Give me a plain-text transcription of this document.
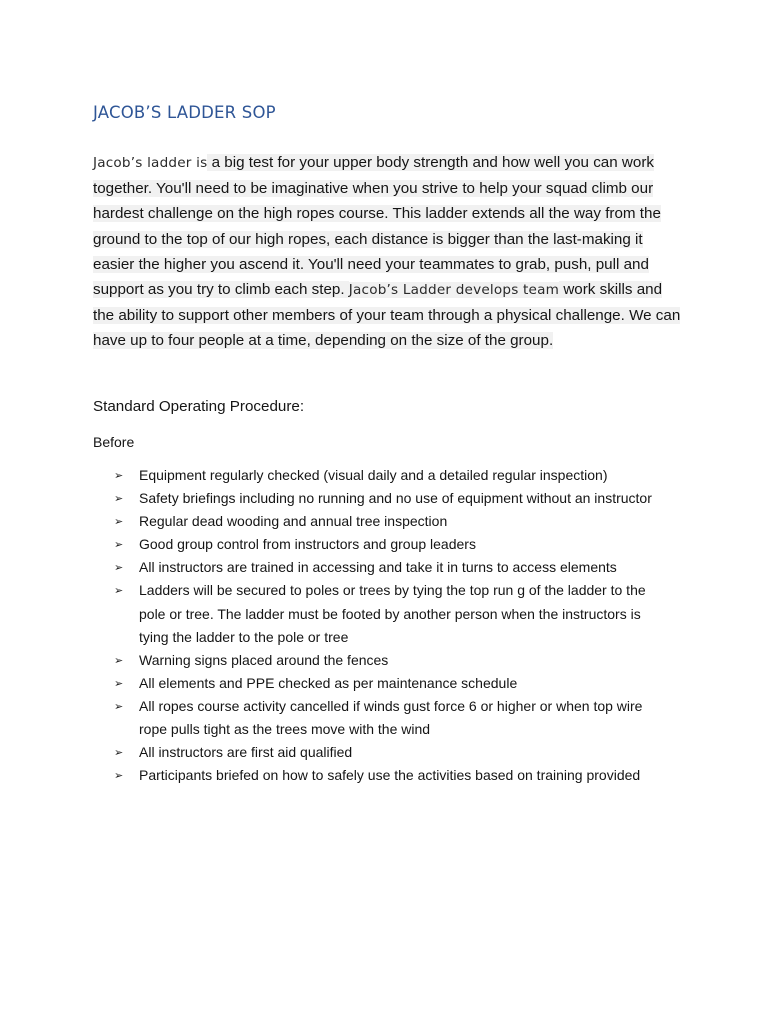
JACOB’S LADDER SOP

Jacob’s ladder is a big test for your upper body strength and how well you can work together. You'll need to be imaginative when you strive to help your squad climb our hardest challenge on the high ropes course. This ladder extends all the way from the ground to the top of our high ropes, each distance is bigger than the last-making it easier the higher you ascend it. You'll need your teammates to grab, push, pull and support as you try to climb each step. Jacob’s Ladder develops team work skills and the ability to support other members of your team through a physical challenge. We can have up to four people at a time, depending on the size of the group.

Standard Operating Procedure:

Before

➢	Equipment regularly checked (visual daily and a detailed regular inspection)
➢	Safety briefings including no running and no use of equipment without an instructor
➢	Regular dead wooding and annual tree inspection
➢	Good group control from instructors and group leaders
➢	All instructors are trained in accessing and take it in turns to access elements
➢	Ladders will be secured to poles or trees by tying the top run g of the ladder to the pole or tree. The ladder must be footed by another person when the instructors is tying the ladder to the pole or tree
➢	Warning signs placed around the fences
➢	All elements and PPE checked as per maintenance schedule
➢	All ropes course activity cancelled if winds gust force 6 or higher or when top wire rope pulls tight as the trees move with the wind
➢	All instructors are first aid qualified
➢	Participants briefed on how to safely use the activities based on training provided
